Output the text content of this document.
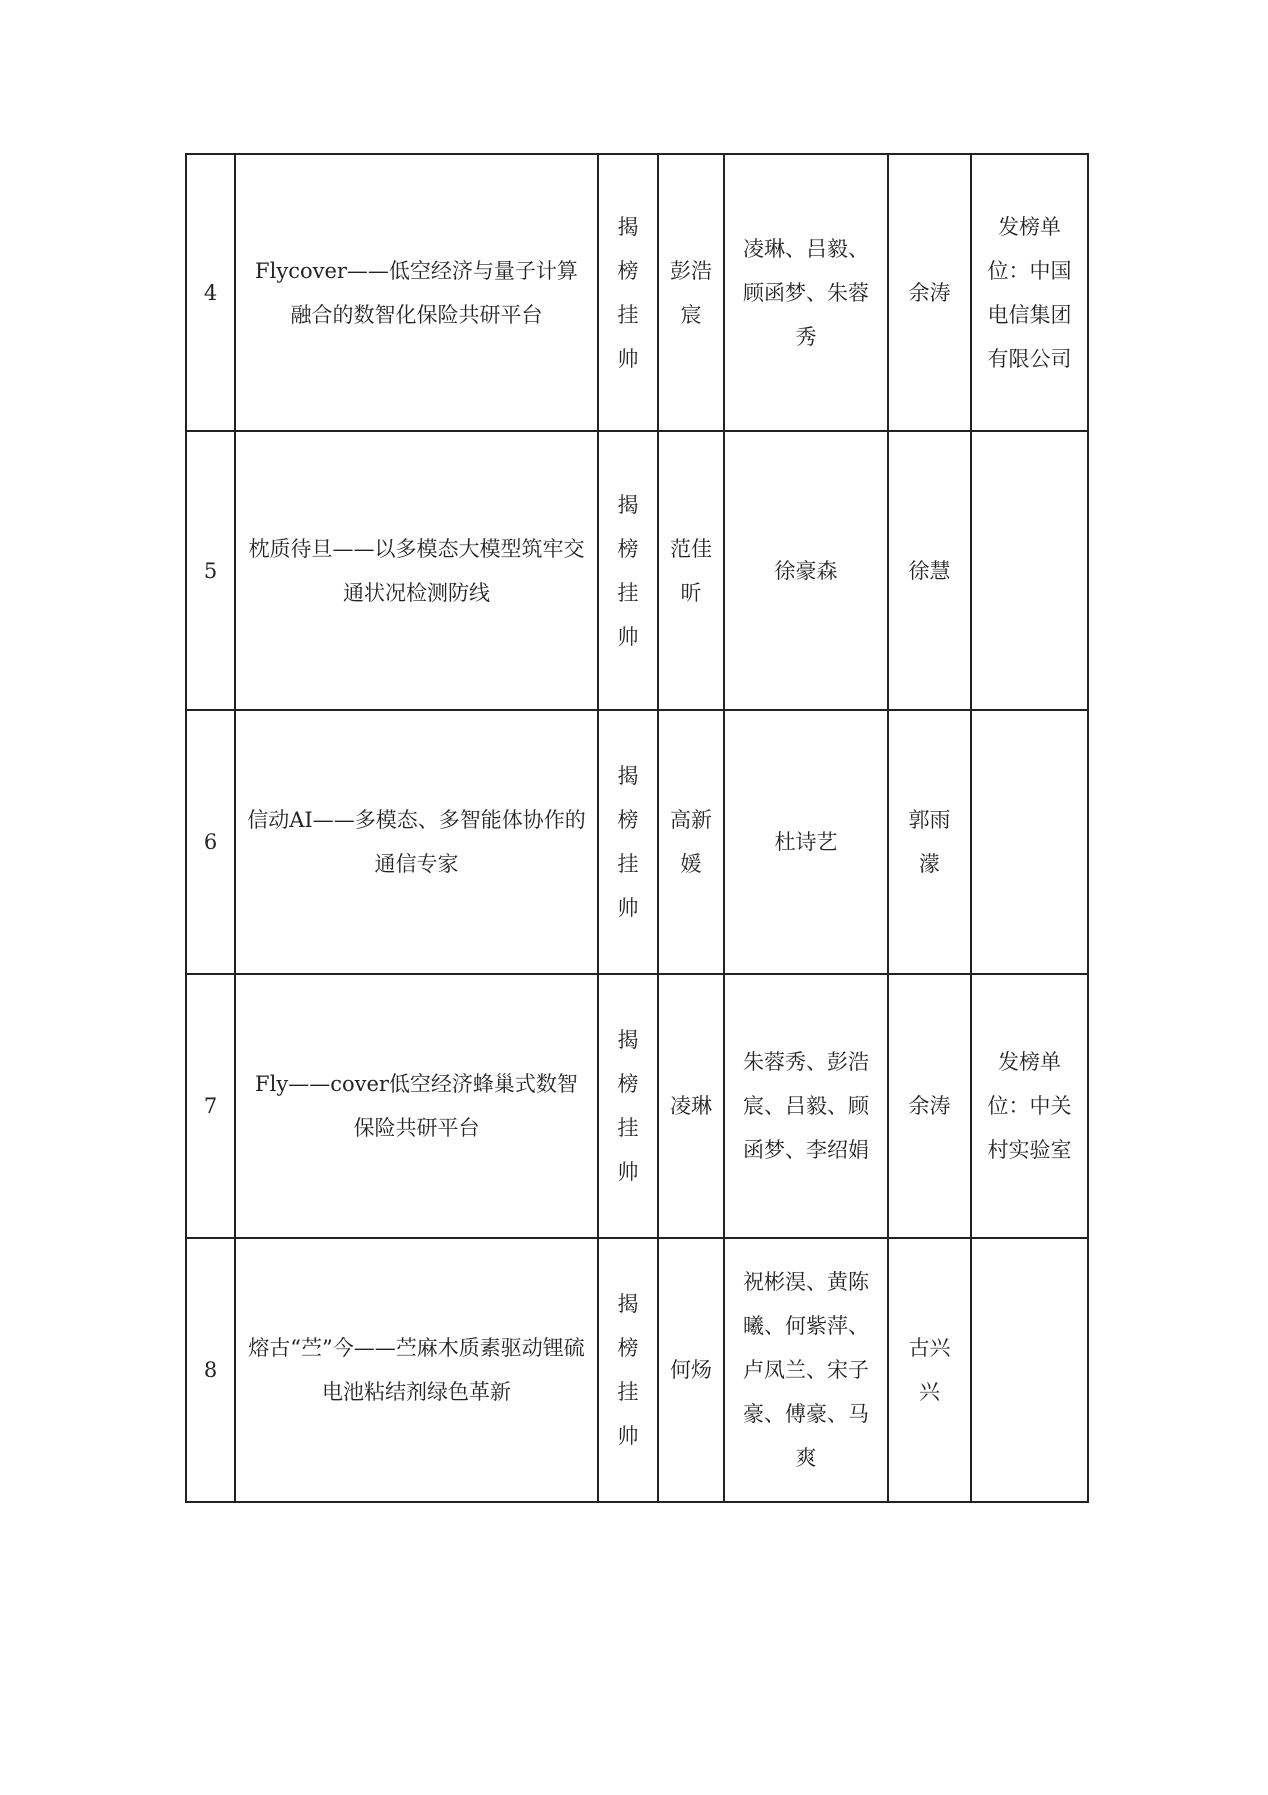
4	Flycover——低空经济与量子计算融合的数智化保险共研平台	揭榜挂帅	彭浩宸	凌琳、吕毅、顾函梦、朱蓉秀	余涛	发榜单位：中国电信集团有限公司
5	枕质待旦——以多模态大模型筑牢交通状况检测防线	揭榜挂帅	范佳昕	徐豪森	徐慧	
6	信动AI——多模态、多智能体协作的通信专家	揭榜挂帅	高新媛	杜诗艺	郭雨濛	
7	Fly——cover低空经济蜂巢式数智保险共研平台	揭榜挂帅	凌琳	朱蓉秀、彭浩宸、吕毅、顾函梦、李绍娟	余涛	发榜单位：中关村实验室
8	熔古“苎”今——苎麻木质素驱动锂硫电池粘结剂绿色革新	揭榜挂帅	何炀	祝彬淏、黄陈曦、何紫萍、卢凤兰、宋子豪、傅豪、马爽	古兴兴	
